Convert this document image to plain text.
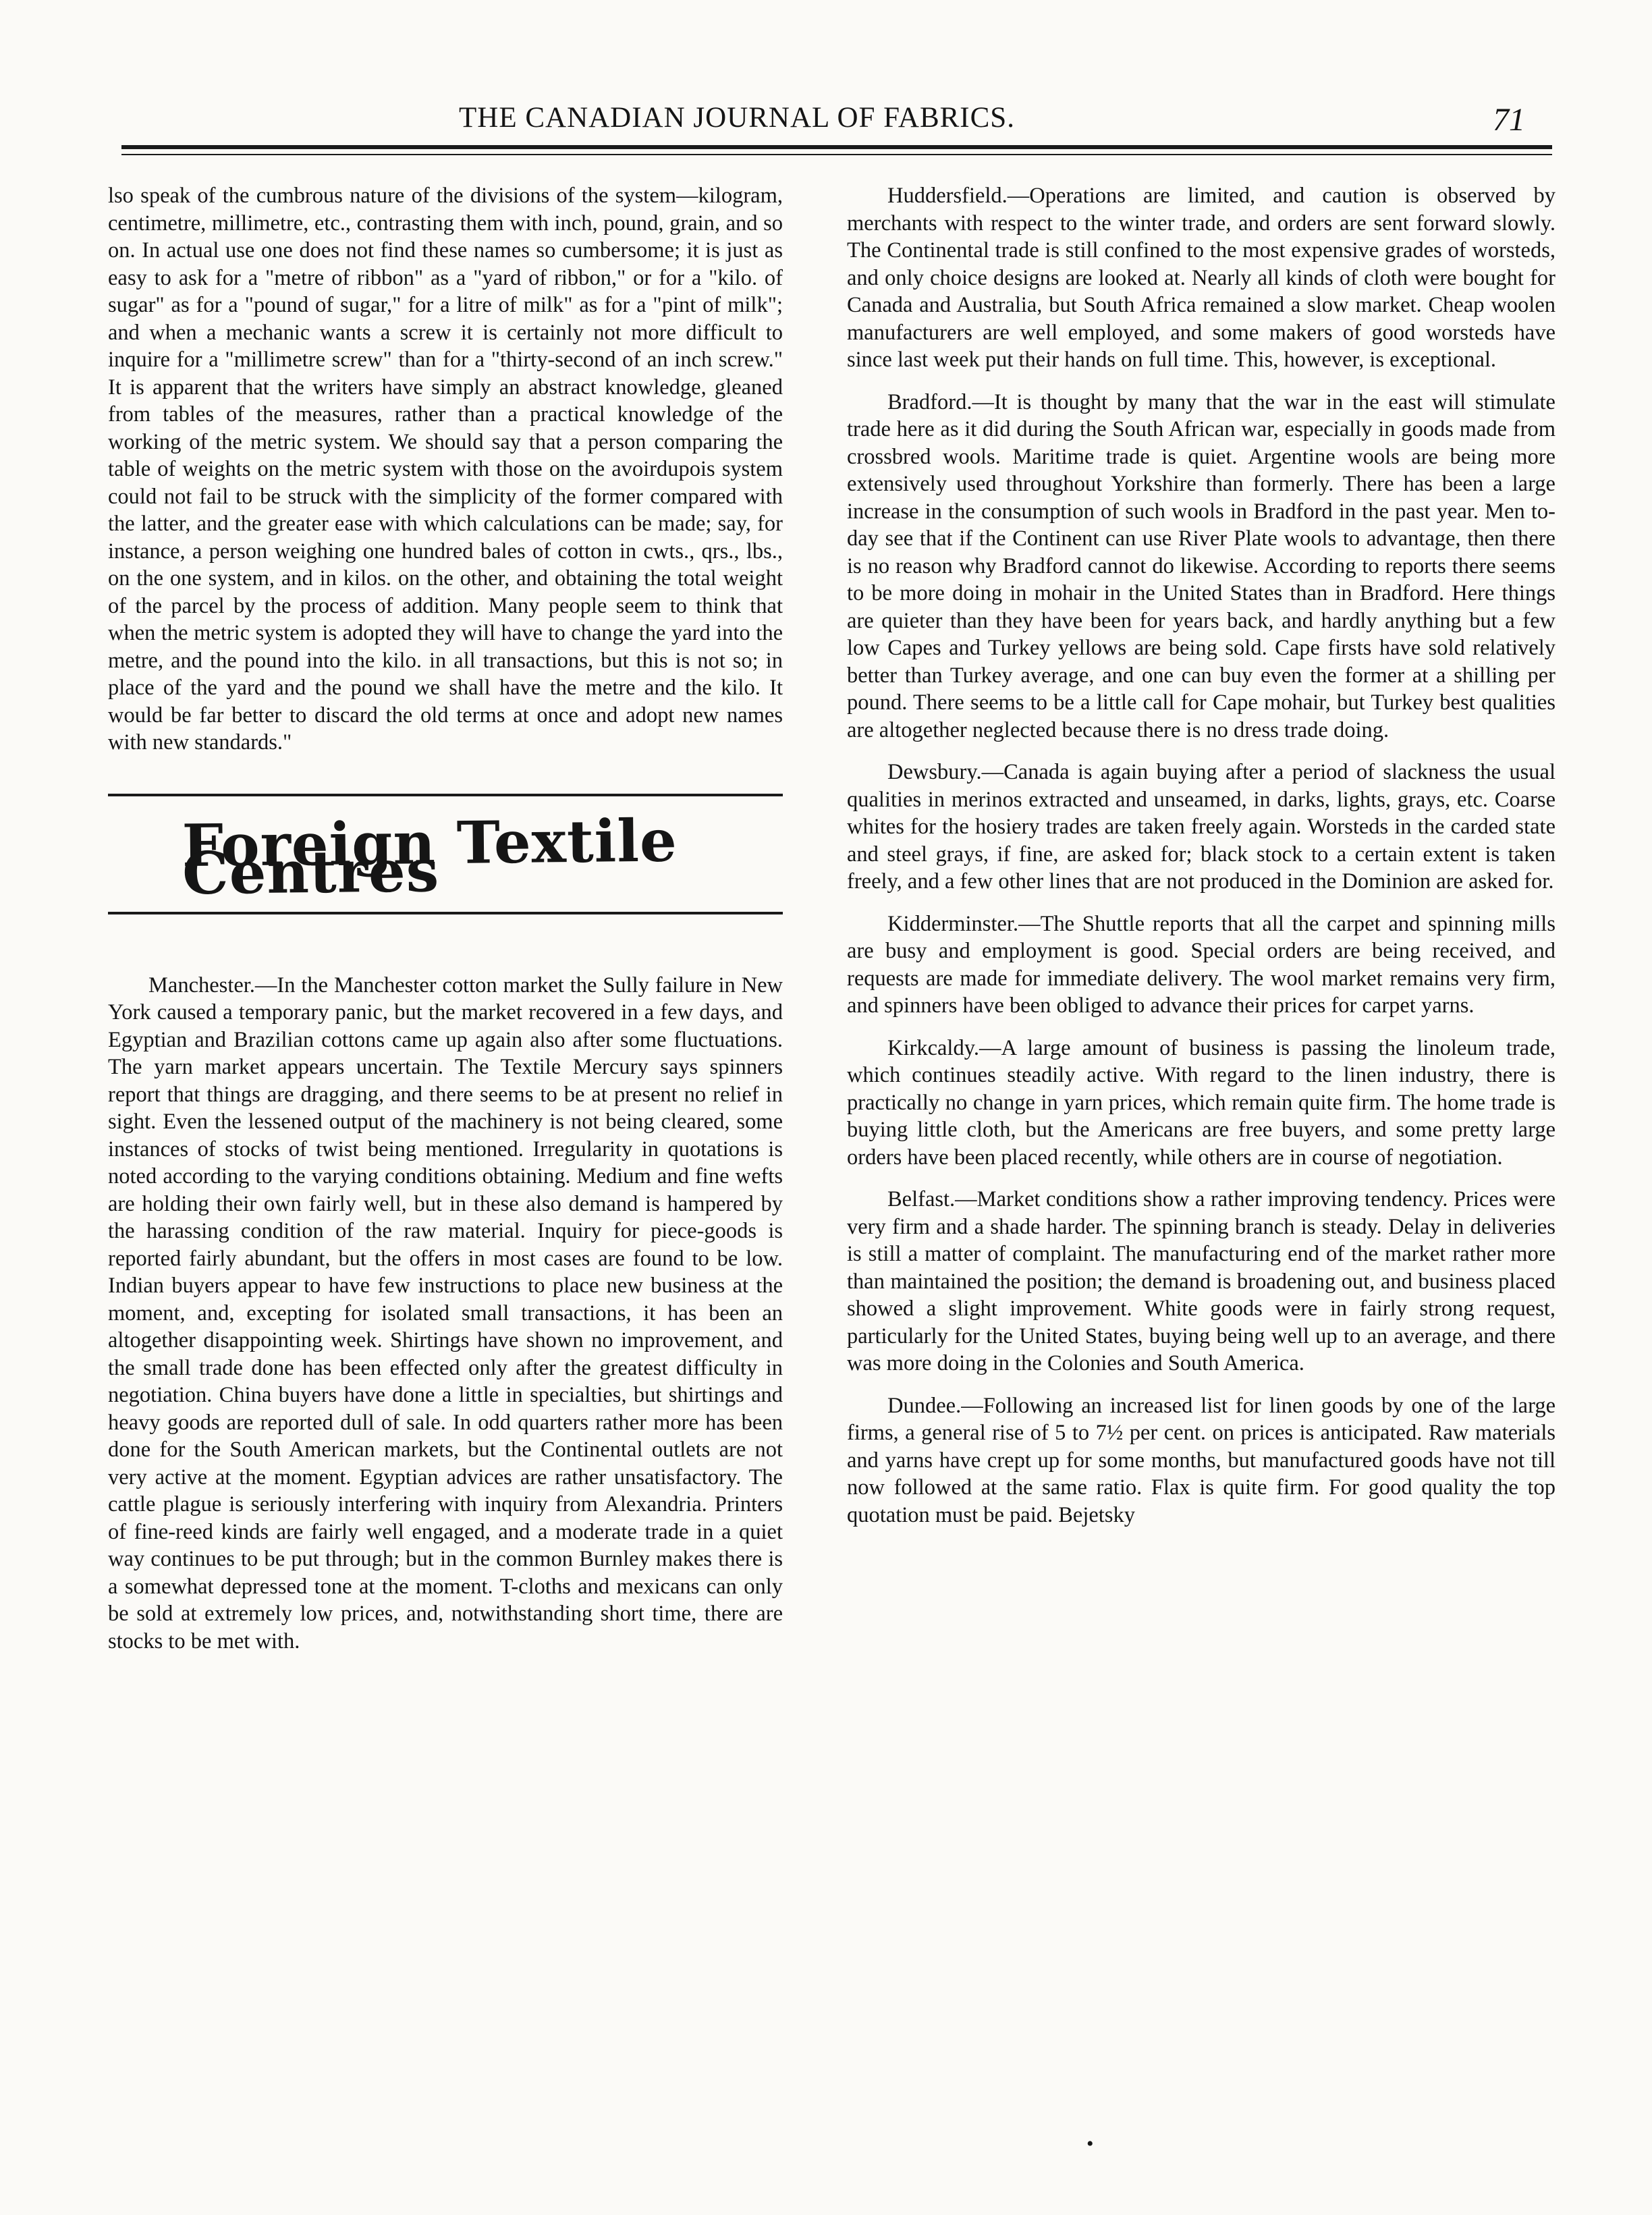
THE CANADIAN JOURNAL OF FABRICS.	71

lso speak of the cumbrous nature of the divisions of the system—kilogram, centimetre, millimetre, etc., contrasting them with inch, pound, grain, and so on. In actual use one does not find these names so cumbersome; it is just as easy to ask for a "metre of ribbon" as a "yard of ribbon," or for a "kilo. of sugar" as for a "pound of sugar," for a litre of milk" as for a "pint of milk"; and when a mechanic wants a screw it is certainly not more difficult to inquire for a "millimetre screw" than for a "thirty-second of an inch screw." It is apparent that the writers have simply an abstract knowledge, gleaned from tables of the measures, rather than a practical knowledge of the working of the metric system. We should say that a person comparing the table of weights on the metric system with those on the avoirdupois system could not fail to be struck with the simplicity of the former compared with the latter, and the greater ease with which calculations can be made; say, for instance, a person weighing one hundred bales of cotton in cwts., qrs., lbs., on the one system, and in kilos. on the other, and obtaining the total weight of the parcel by the process of addition. Many people seem to think that when the metric system is adopted they will have to change the yard into the metre, and the pound into the kilo. in all transactions, but this is not so; in place of the yard and the pound we shall have the metre and the kilo. It would be far better to discard the old terms at once and adopt new names with new standards."

Foreign Textile Centres

Manchester.—In the Manchester cotton market the Sully failure in New York caused a temporary panic, but the market recovered in a few days, and Egyptian and Brazilian cottons came up again also after some fluctuations. The yarn market appears uncertain. The Textile Mercury says spinners report that things are dragging, and there seems to be at present no relief in sight. Even the lessened output of the machinery is not being cleared, some instances of stocks of twist being mentioned. Irregularity in quotations is noted according to the varying conditions obtaining. Medium and fine wefts are holding their own fairly well, but in these also demand is hampered by the harassing condition of the raw material. Inquiry for piece-goods is reported fairly abundant, but the offers in most cases are found to be low. Indian buyers appear to have few instructions to place new business at the moment, and, excepting for isolated small transactions, it has been an altogether disappointing week. Shirtings have shown no improvement, and the small trade done has been effected only after the greatest difficulty in negotiation. China buyers have done a little in specialties, but shirtings and heavy goods are reported dull of sale. In odd quarters rather more has been done for the South American markets, but the Continental outlets are not very active at the moment. Egyptian advices are rather unsatisfactory. The cattle plague is seriously interfering with inquiry from Alexandria. Printers of fine-reed kinds are fairly well engaged, and a moderate trade in a quiet way continues to be put through; but in the common Burnley makes there is a somewhat depressed tone at the moment. T-cloths and mexicans can only be sold at extremely low prices, and, notwithstanding short time, there are stocks to be met with.

Huddersfield.—Operations are limited, and caution is observed by merchants with respect to the winter trade, and orders are sent forward slowly. The Continental trade is still confined to the most expensive grades of worsteds, and only choice designs are looked at. Nearly all kinds of cloth were bought for Canada and Australia, but South Africa remained a slow market. Cheap woolen manufacturers are well employed, and some makers of good worsteds have since last week put their hands on full time. This, however, is exceptional.

Bradford.—It is thought by many that the war in the east will stimulate trade here as it did during the South African war, especially in goods made from crossbred wools. Maritime trade is quiet. Argentine wools are being more extensively used throughout Yorkshire than formerly. There has been a large increase in the consumption of such wools in Bradford in the past year. Men to-day see that if the Continent can use River Plate wools to advantage, then there is no reason why Bradford cannot do likewise. According to reports there seems to be more doing in mohair in the United States than in Bradford. Here things are quieter than they have been for years back, and hardly anything but a few low Capes and Turkey yellows are being sold. Cape firsts have sold relatively better than Turkey average, and one can buy even the former at a shilling per pound. There seems to be a little call for Cape mohair, but Turkey best qualities are altogether neglected because there is no dress trade doing.

Dewsbury.—Canada is again buying after a period of slackness the usual qualities in merinos extracted and unseamed, in darks, lights, grays, etc. Coarse whites for the hosiery trades are taken freely again. Worsteds in the carded state and steel grays, if fine, are asked for; black stock to a certain extent is taken freely, and a few other lines that are not produced in the Dominion are asked for.

Kidderminster.—The Shuttle reports that all the carpet and spinning mills are busy and employment is good. Special orders are being received, and requests are made for immediate delivery. The wool market remains very firm, and spinners have been obliged to advance their prices for carpet yarns.

Kirkcaldy.—A large amount of business is passing the linoleum trade, which continues steadily active. With regard to the linen industry, there is practically no change in yarn prices, which remain quite firm. The home trade is buying little cloth, but the Americans are free buyers, and some pretty large orders have been placed recently, while others are in course of negotiation.

Belfast.—Market conditions show a rather improving tendency. Prices were very firm and a shade harder. The spinning branch is steady. Delay in deliveries is still a matter of complaint. The manufacturing end of the market rather more than maintained the position; the demand is broadening out, and business placed showed a slight improvement. White goods were in fairly strong request, particularly for the United States, buying being well up to an average, and there was more doing in the Colonies and South America.

Dundee.—Following an increased list for linen goods by one of the large firms, a general rise of 5 to 7½ per cent. on prices is anticipated. Raw materials and yarns have crept up for some months, but manufactured goods have not till now followed at the same ratio. Flax is quite firm. For good quality the top quotation must be paid. Bejetsky

•
